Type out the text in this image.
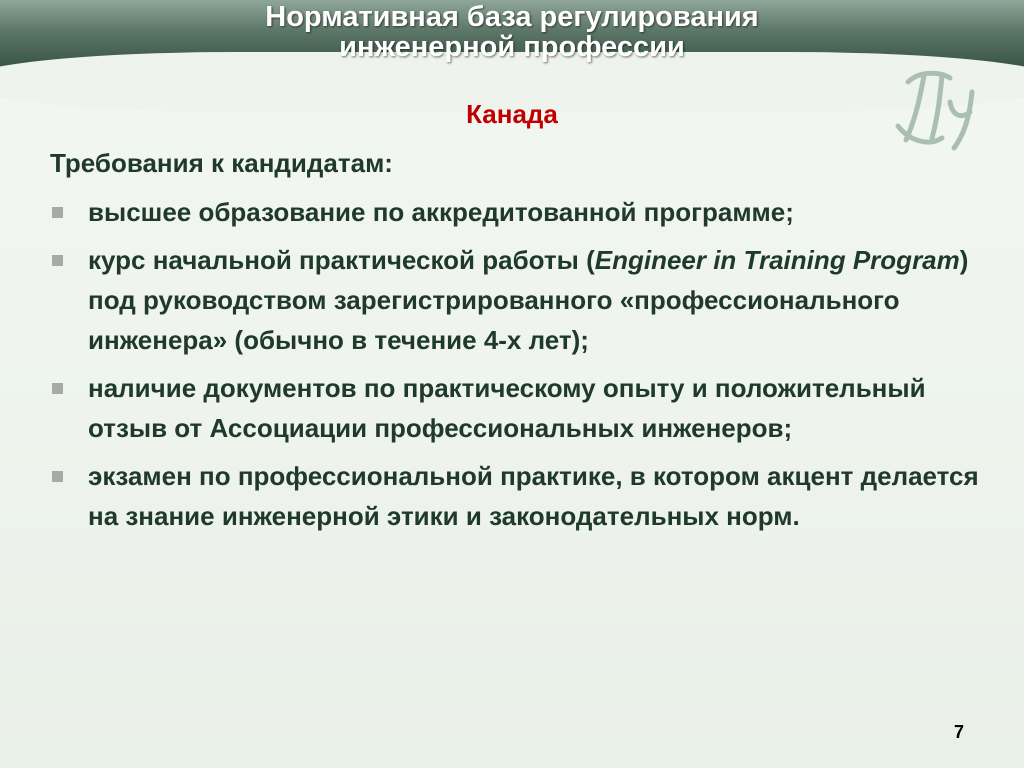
Нормативная база регулирования
инженерной профессии
Канада
Требования к кандидатам:
высшее образование по аккредитованной программе;
курс начальной практической работы (Engineer in Training Program) под руководством зарегистрированного «профессионального инженера» (обычно в течение 4-х лет);
наличие документов по практическому опыту и положительный отзыв от Ассоциации профессиональных инженеров;
экзамен по профессиональной практике, в котором акцент делается на знание инженерной этики и законодательных норм.
7
